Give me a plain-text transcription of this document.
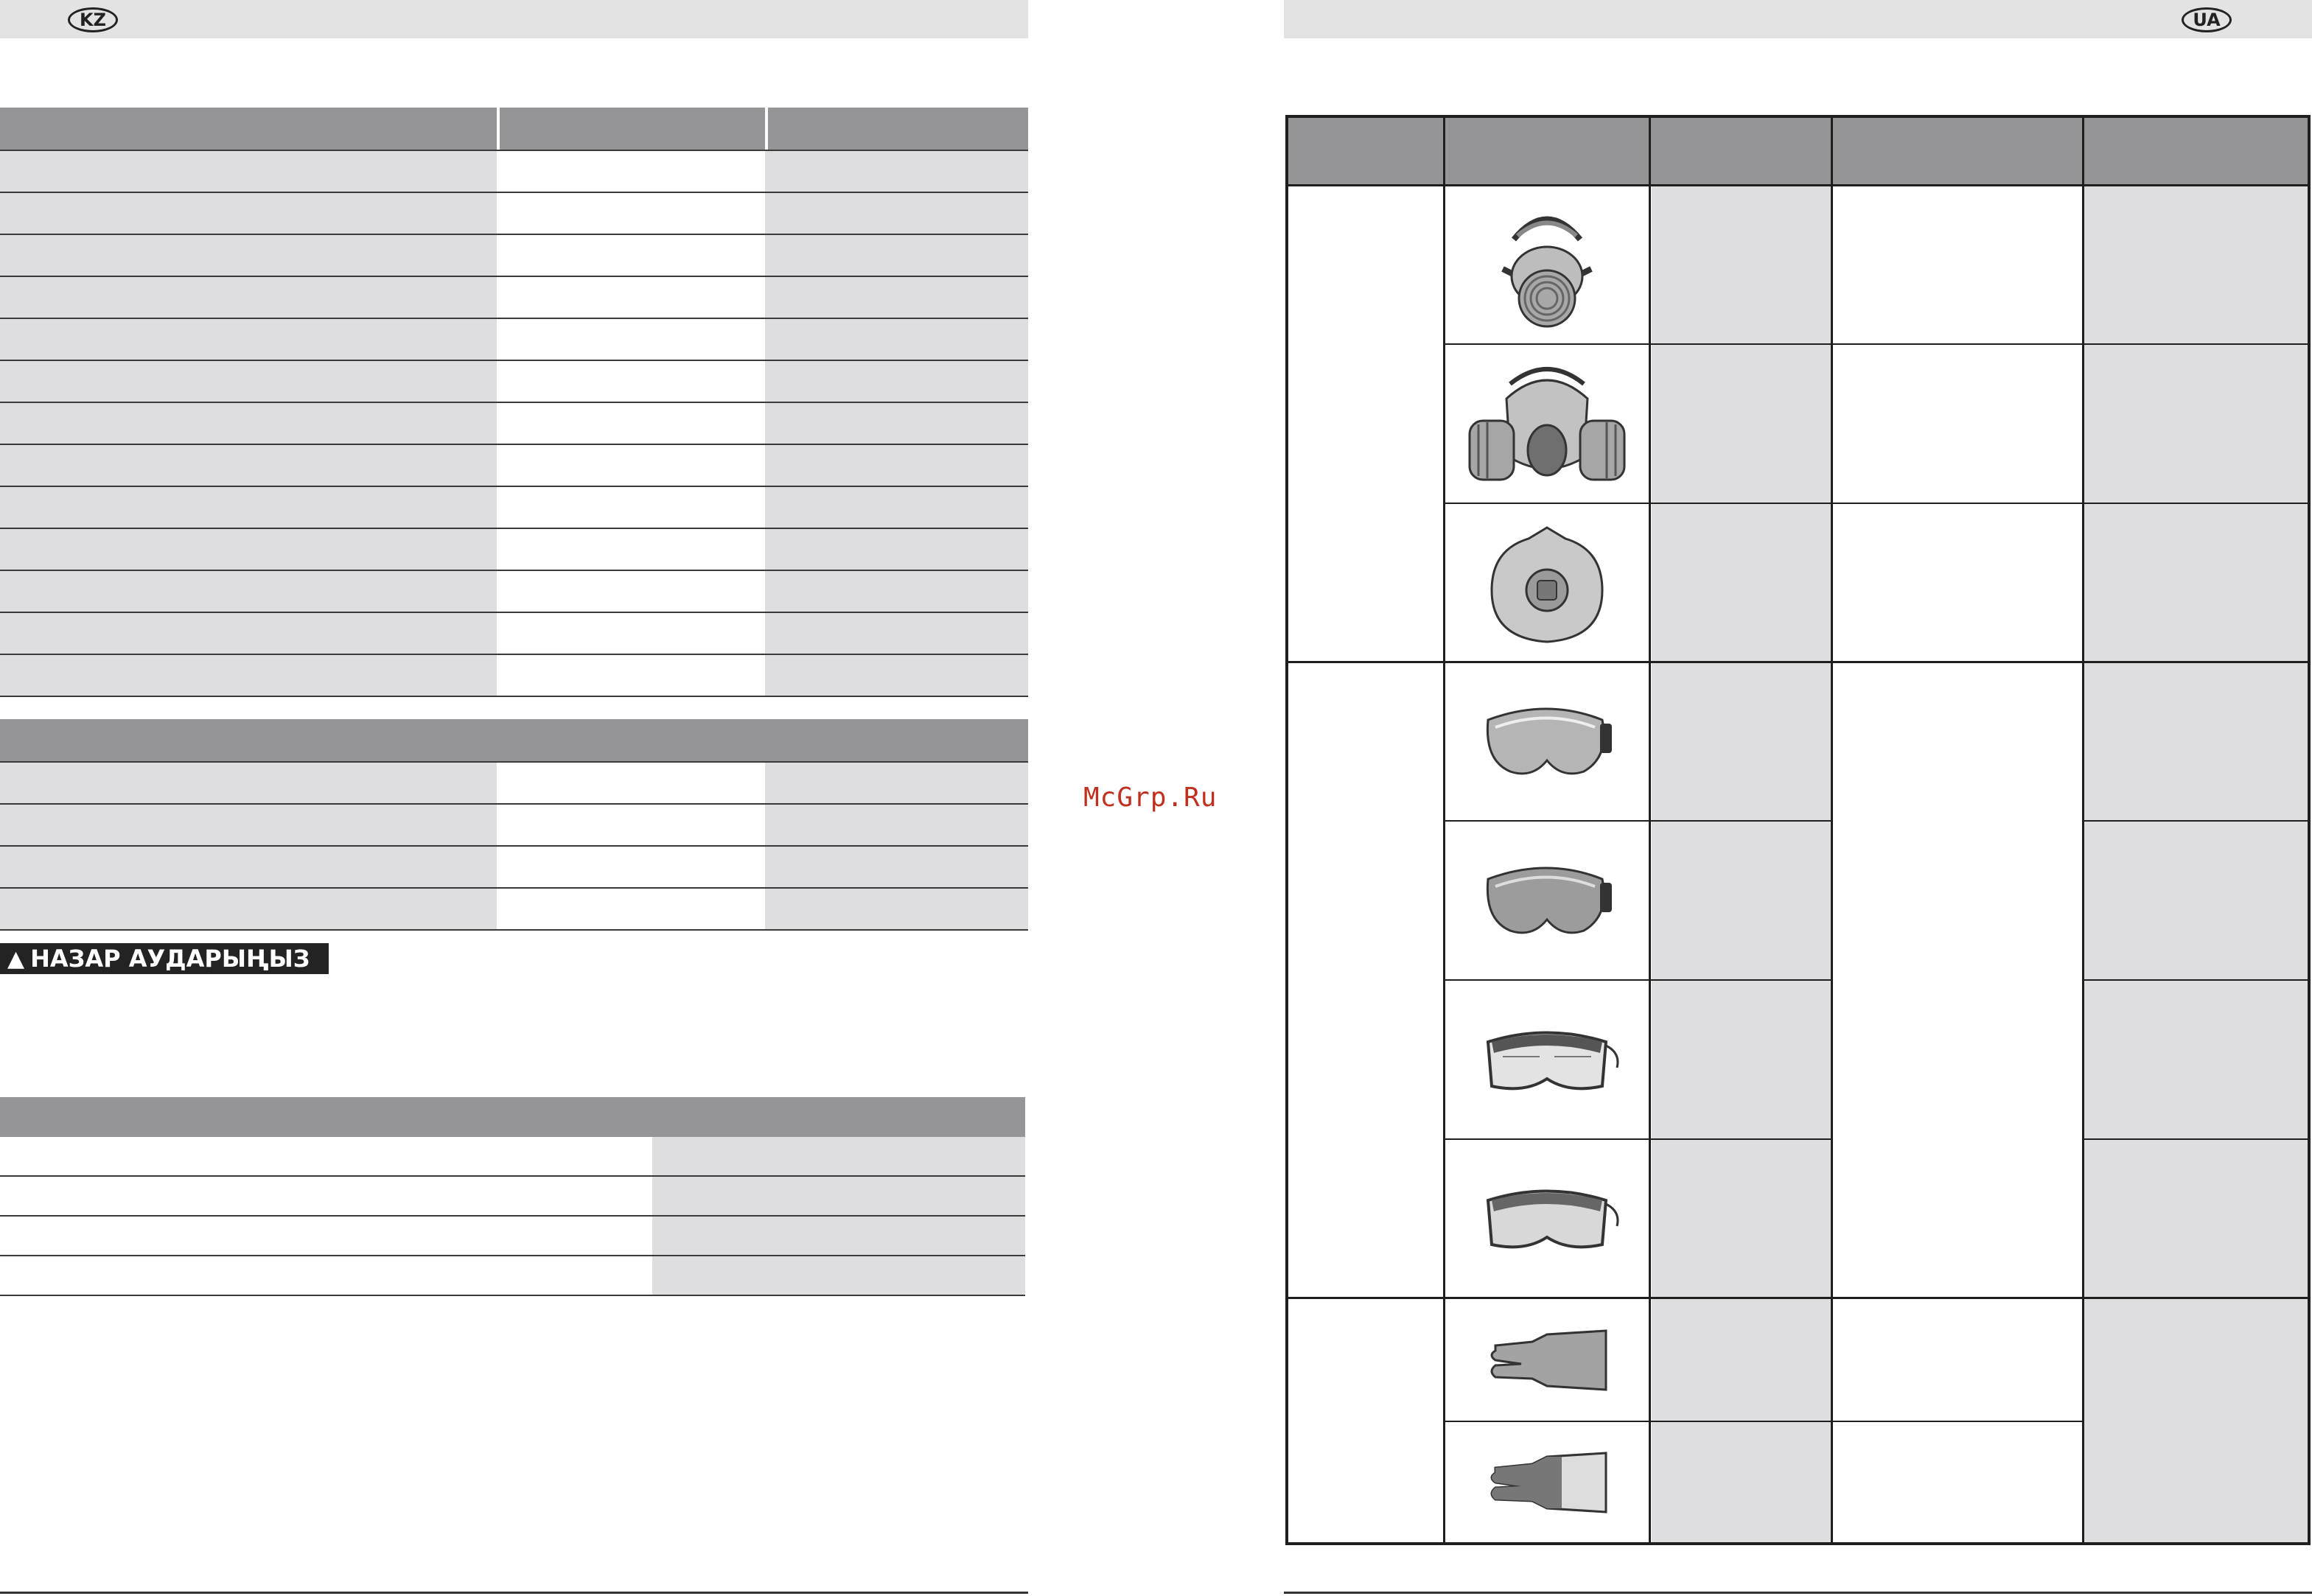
KZ
▲ НАЗАР АУДАРЫҢЫЗ
McGrp.Ru
UA
